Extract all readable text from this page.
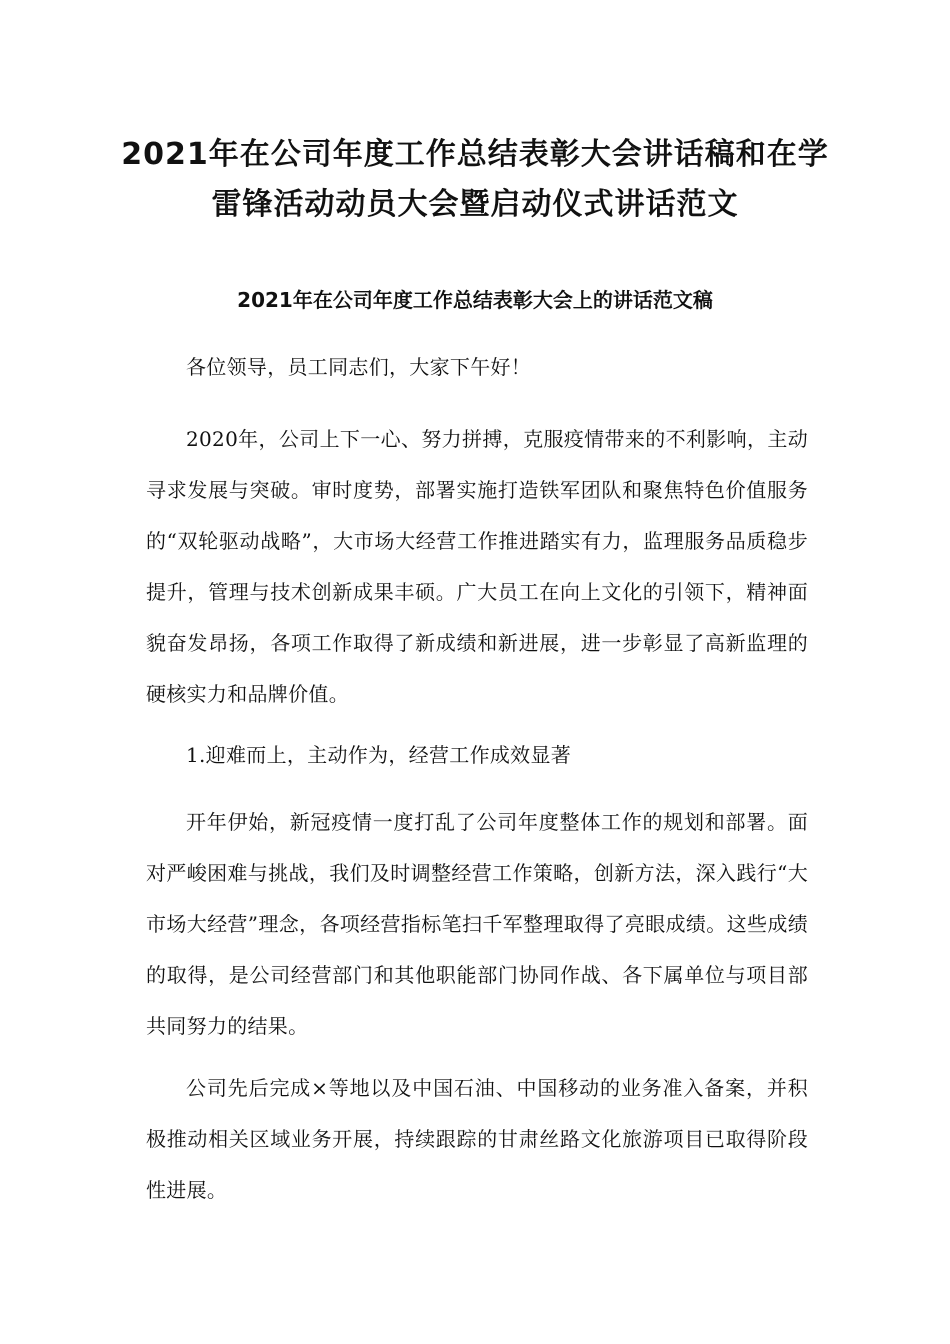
2021年在公司年度工作总结表彰大会讲话稿和在学
雷锋活动动员大会暨启动仪式讲话范文
2021年在公司年度工作总结表彰大会上的讲话范文稿

各位领导，员工同志们，大家下午好！

2020年，公司上下一心、努力拼搏，克服疫情带来的不利影响，主动寻求发展与突破。审时度势，部署实施打造铁军团队和聚焦特色价值服务的“双轮驱动战略”，大市场大经营工作推进踏实有力，监理服务品质稳步提升，管理与技术创新成果丰硕。广大员工在向上文化的引领下，精神面貌奋发昂扬，各项工作取得了新成绩和新进展，进一步彰显了高新监理的硬核实力和品牌价值。

1.迎难而上，主动作为，经营工作成效显著

开年伊始，新冠疫情一度打乱了公司年度整体工作的规划和部署。面对严峻困难与挑战，我们及时调整经营工作策略，创新方法，深入践行“大市场大经营”理念，各项经营指标笔扫千军整理取得了亮眼成绩。这些成绩的取得，是公司经营部门和其他职能部门协同作战、各下属单位与项目部共同努力的结果。

公司先后完成×等地以及中国石油、中国移动的业务准入备案，并积极推动相关区域业务开展，持续跟踪的甘肃丝路文化旅游项目已取得阶段性进展。
